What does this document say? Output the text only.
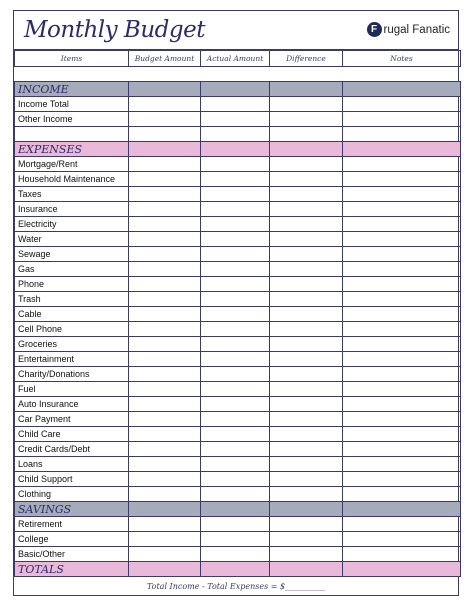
Monthly Budget	F rugal Fanatic
Items	Budget Amount	Actual Amount	Difference	Notes

INCOME				
Income Total				
Other Income				

EXPENSES				
Mortgage/Rent				
Household Maintenance				
Taxes				
Insurance				
Electricity				
Water				
Sewage				
Gas				
Phone				
Trash				
Cable				
Cell Phone				
Groceries				
Entertainment				
Charity/Donations				
Fuel				
Auto Insurance				
Car Payment				
Child Care				
Credit Cards/Debt				
Loans				
Child Support				
Clothing				
SAVINGS				
Retirement				
College				
Basic/Other				
TOTALS				
Total Income - Total Expenses = $__________
